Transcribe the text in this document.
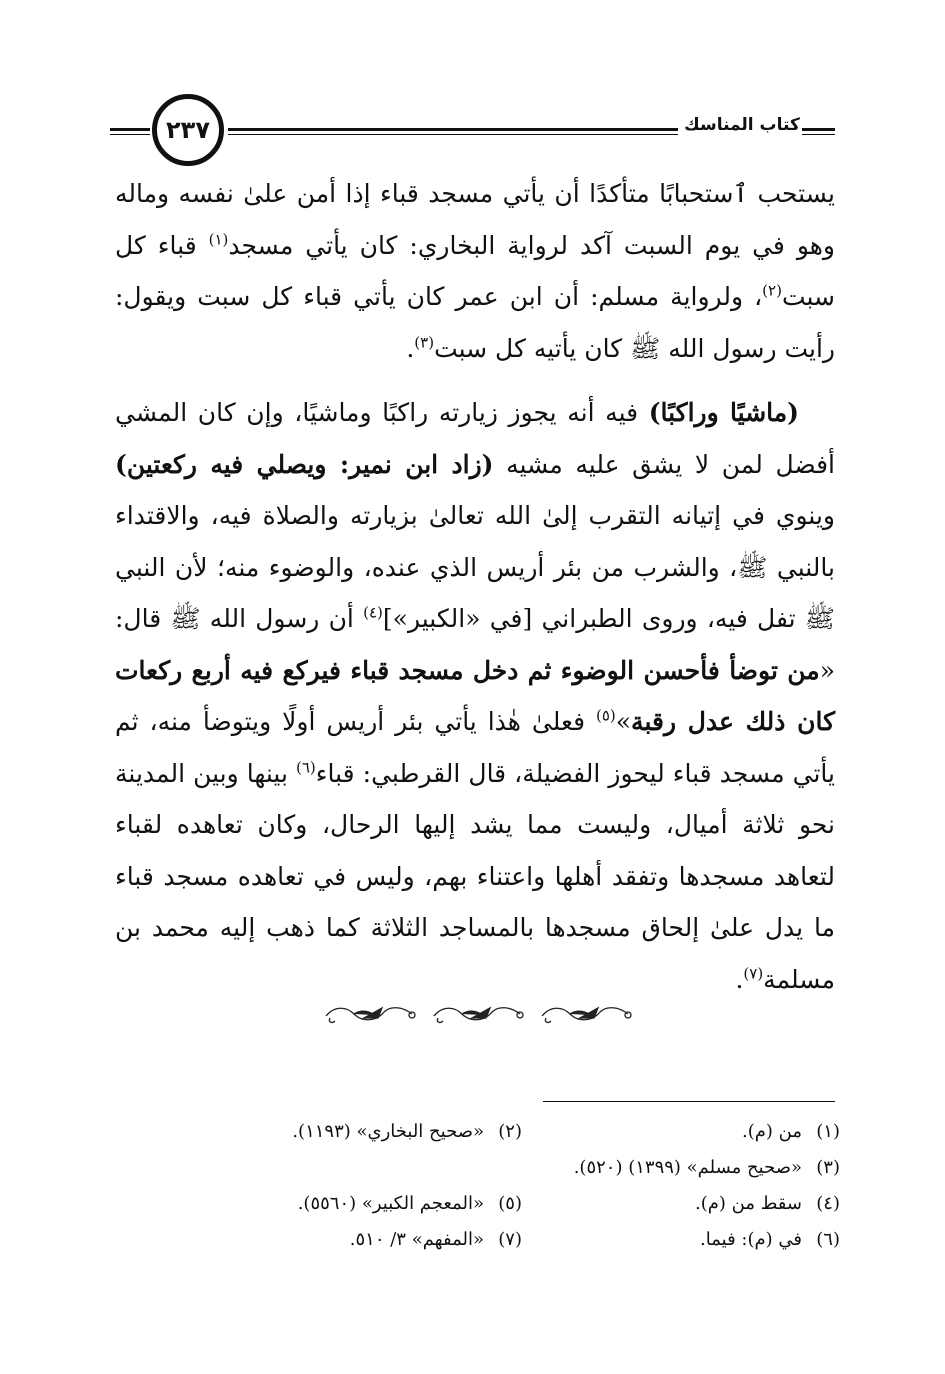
٢٣٧	كتاب المناسك

يستحب ٱستحبابًا متأكدًا أن يأتي مسجد قباء إذا أمن علىٰ نفسه وماله وهو في يوم السبت آكد لرواية البخاري: كان يأتي مسجد$^{(١)}$ قباء كل سبت$^{(٢)}$، ولرواية مسلم: أن ابن عمر كان يأتي قباء كل سبت ويقول: رأيت رسول الله ﷺ كان يأتيه كل سبت$^{(٣)}$.

(ماشيًا وراكبًا) فيه أنه يجوز زيارته راكبًا وماشيًا، وإن كان المشي أفضل لمن لا يشق عليه مشيه (زاد ابن نمير: ويصلي فيه ركعتين) وينوي في إتيانه التقرب إلىٰ الله تعالىٰ بزيارته والصلاة فيه، والاقتداء بالنبي ﷺ، والشرب من بئر أريس الذي عنده، والوضوء منه؛ لأن النبي ﷺ تفل فيه، وروى الطبراني [في «الكبير»]$^{(٤)}$ أن رسول الله ﷺ قال: «من توضأ فأحسن الوضوء ثم دخل مسجد قباء فيركع فيه أربع ركعات كان ذلك عدل رقبة»$^{(٥)}$ فعلىٰ هٰذا يأتي بئر أريس أولًا ويتوضأ منه، ثم يأتي مسجد قباء ليحوز الفضيلة، قال القرطبي: قباء$^{(٦)}$ بينها وبين المدينة نحو ثلاثة أميال، وليست مما يشد إليها الرحال، وكان تعاهده لقباء لتعاهد مسجدها وتفقد أهلها واعتناء بهم، وليس في تعاهده مسجد قباء ما يدل علىٰ إلحاق مسجدها بالمساجد الثلاثة كما ذهب إليه محمد بن مسلمة$^{(٧)}$.

(١)من (م).
(٢)«صحيح البخاري» (١١٩٣).
(٣)«صحيح مسلم» (١٣٩٩) (٥٢٠).
(٤)سقط من (م).
(٥)«المعجم الكبير» (٥٥٦٠).
(٦)في (م): فيما.
(٧)«المفهم» ٣/ ٥١٠.
